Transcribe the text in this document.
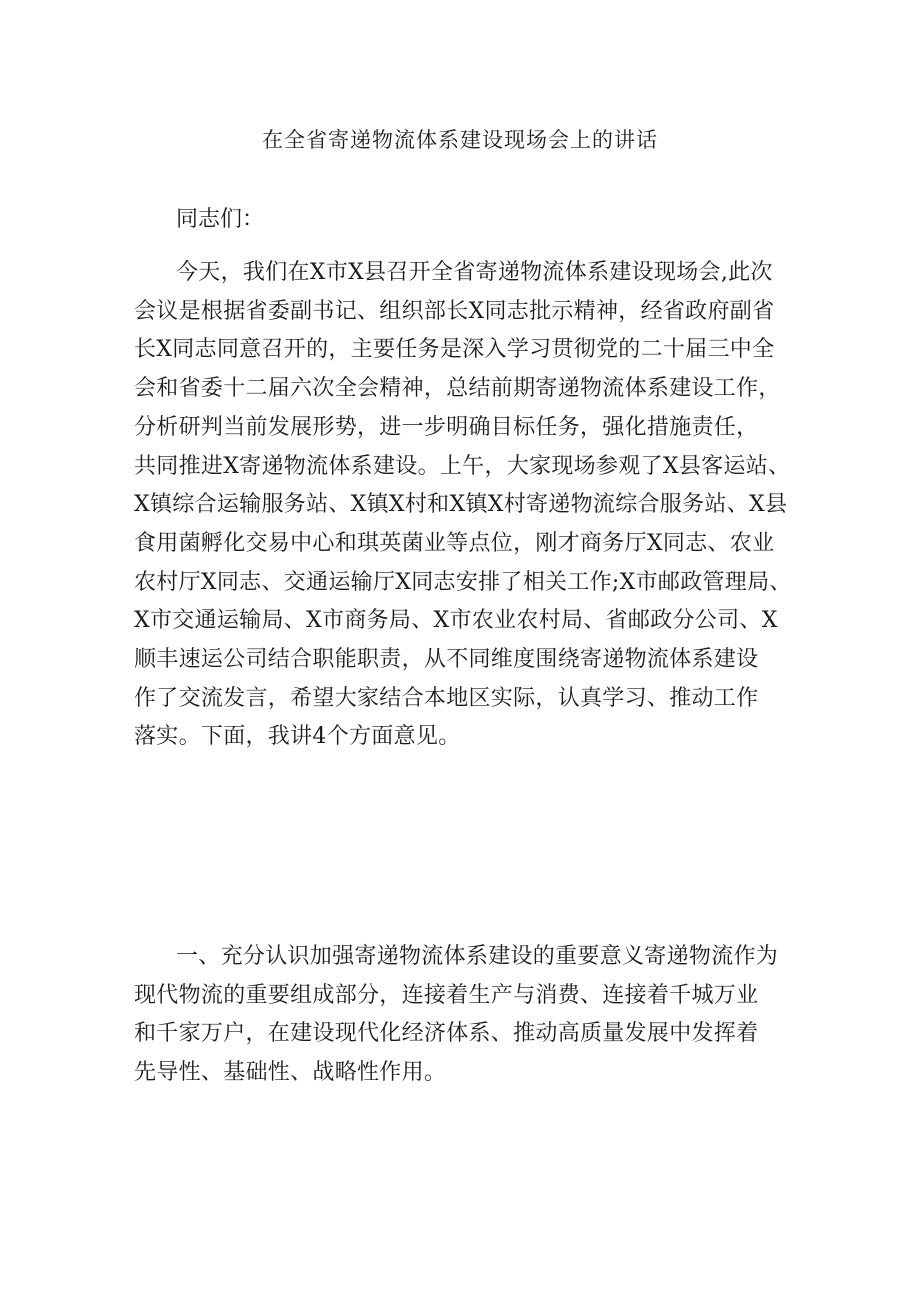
在全省寄递物流体系建设现场会上的讲话
同志们：
今天，我们在X市X县召开全省寄递物流体系建设现场会,此次
会议是根据省委副书记、组织部长X同志批示精神，经省政府副省
长X同志同意召开的，主要任务是深入学习贯彻党的二十届三中全
会和省委十二届六次全会精神，总结前期寄递物流体系建设工作，
分析研判当前发展形势，进一步明确目标任务，强化措施责任，
共同推进X寄递物流体系建设。上午，大家现场参观了X县客运站、
X镇综合运输服务站、X镇X村和X镇X村寄递物流综合服务站、X县
食用菌孵化交易中心和琪英菌业等点位，刚才商务厅X同志、农业
农村厅X同志、交通运输厅X同志安排了相关工作;X市邮政管理局、
X市交通运输局、X市商务局、X市农业农村局、省邮政分公司、X
顺丰速运公司结合职能职责，从不同维度围绕寄递物流体系建设
作了交流发言，希望大家结合本地区实际，认真学习、推动工作
落实。下面，我讲4个方面意见。
一、充分认识加强寄递物流体系建设的重要意义寄递物流作为
现代物流的重要组成部分，连接着生产与消费、连接着千城万业
和千家万户，在建设现代化经济体系、推动高质量发展中发挥着
先导性、基础性、战略性作用。
